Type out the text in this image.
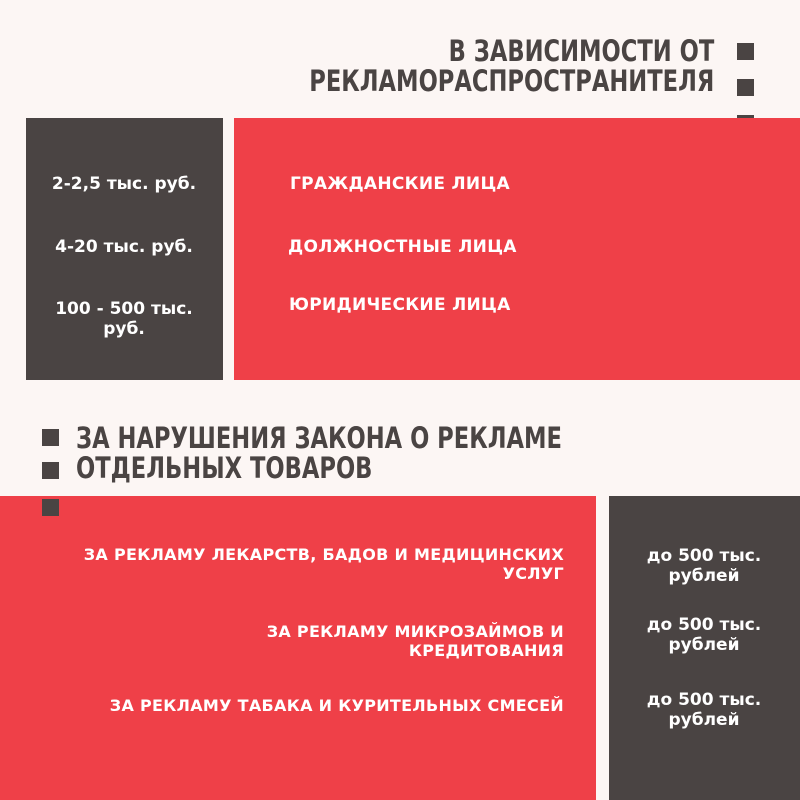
В ЗАВИСИМОСТИ ОТ
РЕКЛАМОРАСПРОСТРАНИТЕЛЯ
2-2,5 тыс. руб.
4-20 тыс. руб.
100 - 500 тыс.
руб.
ГРАЖДАНСКИЕ ЛИЦА
ДОЛЖНОСТНЫЕ ЛИЦА
ЮРИДИЧЕСКИЕ ЛИЦА
ЗА НАРУШЕНИЯ ЗАКОНА О РЕКЛАМЕ
ОТДЕЛЬНЫХ ТОВАРОВ
ЗА РЕКЛАМУ ЛЕКАРСТВ, БАДОВ И МЕДИЦИНСКИХ
УСЛУГ
ЗА РЕКЛАМУ МИКРОЗАЙМОВ И
КРЕДИТОВАНИЯ
ЗА РЕКЛАМУ ТАБАКА И КУРИТЕЛЬНЫХ СМЕСЕЙ
до 500 тыс.
рублей
до 500 тыс.
рублей
до 500 тыс.
рублей
